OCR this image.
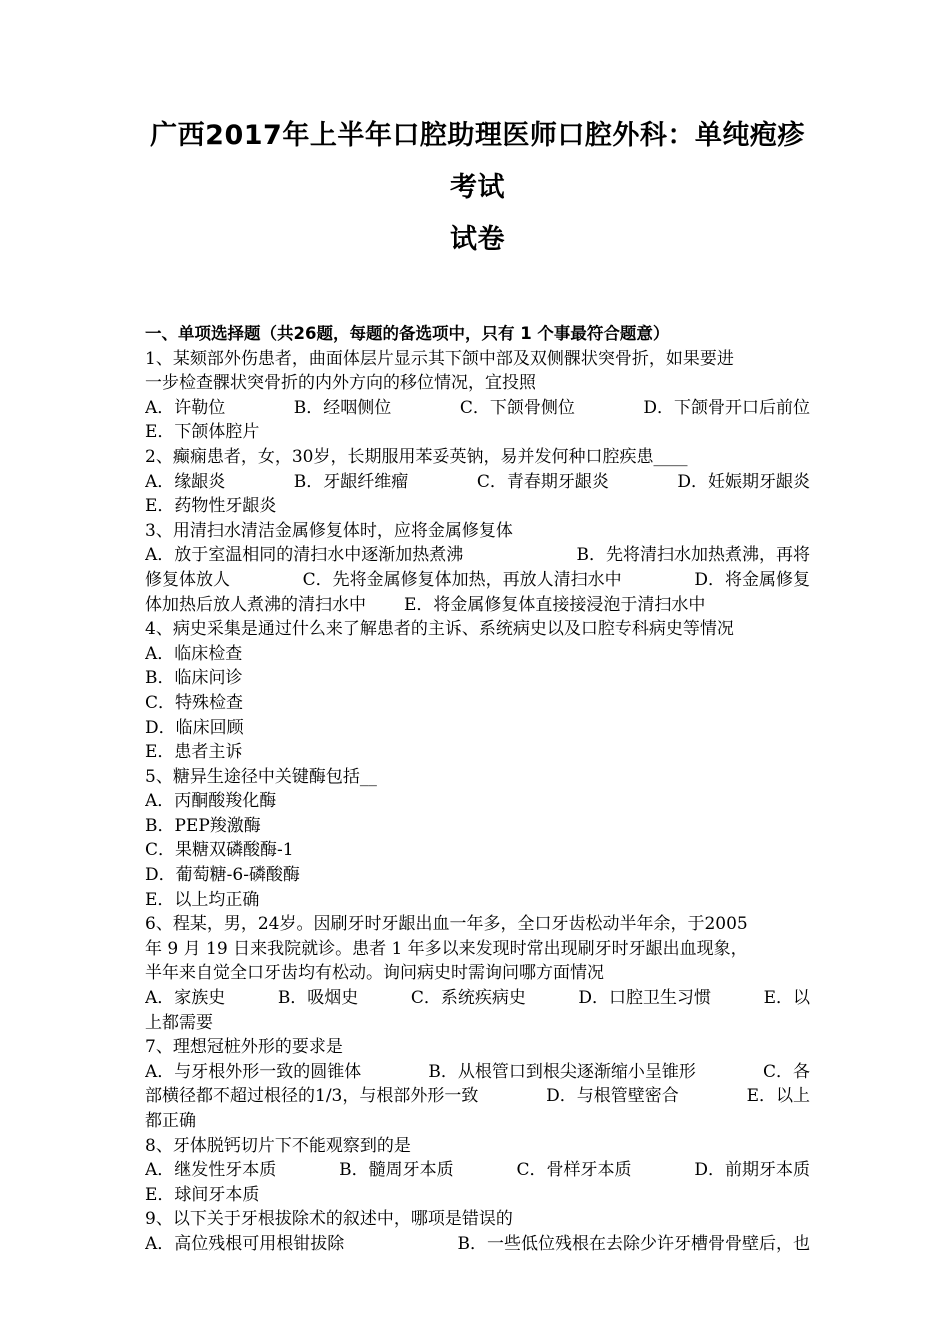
广西2017年上半年口腔助理医师口腔外科：单纯疱疹考试
试卷
一、单项选择题（共26题，每题的备选项中，只有 1 个事最符合题意）
1、某颏部外伤患者，曲面体层片显示其下颌中部及双侧髁状突骨折，如果要进
一步检查髁状突骨折的内外方向的移位情况，宜投照
A．许勒位	B．经咽侧位	C．下颌骨侧位	D．下颌骨开口后前位
E．下颌体腔片
2、癫痫患者，女，30岁，长期服用苯妥英钠，易并发何种口腔疾患____
A．缘龈炎	B．牙龈纤维瘤	C．青春期牙龈炎	D．妊娠期牙龈炎
E．药物性牙龈炎
3、用清扫水清洁金属修复体时，应将金属修复体
A．放于室温相同的清扫水中逐渐加热煮沸	B．先将清扫水加热煮沸，再将
修复体放人	C．先将金属修复体加热，再放人清扫水中	D．将金属修复
体加热后放人煮沸的清扫水中 E．将金属修复体直接接浸泡于清扫水中
4、病史采集是通过什么来了解患者的主诉、系统病史以及口腔专科病史等情况
A．临床检查
B．临床问诊
C．特殊检查
D．临床回顾
E．患者主诉
5、糖异生途径中关键酶包括__
A．丙酮酸羧化酶
B．PEP羧激酶
C．果糖双磷酸酶-1
D．葡萄糖-6-磷酸酶
E．以上均正确
6、程某，男，24岁。因刷牙时牙龈出血一年多，全口牙齿松动半年余，于2005
年 9 月 19 日来我院就诊。患者 1 年多以来发现时常出现刷牙时牙龈出血现象，
半年来自觉全口牙齿均有松动。询问病史时需询问哪方面情况
A．家族史	B．吸烟史	C．系统疾病史	D．口腔卫生习惯	E．以
上都需要
7、理想冠桩外形的要求是
A．与牙根外形一致的圆锥体	B．从根管口到根尖逐渐缩小呈锥形	C．各
部横径都不超过根径的1/3，与根部外形一致	D．与根管壁密合	E．以上
都正确
8、牙体脱钙切片下不能观察到的是
A．继发性牙本质	B．髓周牙本质	C．骨样牙本质	D．前期牙本质
E．球间牙本质
9、以下关于牙根拔除术的叙述中，哪项是错误的
A．高位残根可用根钳拔除	B．一些低位残根在去除少许牙槽骨骨壁后，也
